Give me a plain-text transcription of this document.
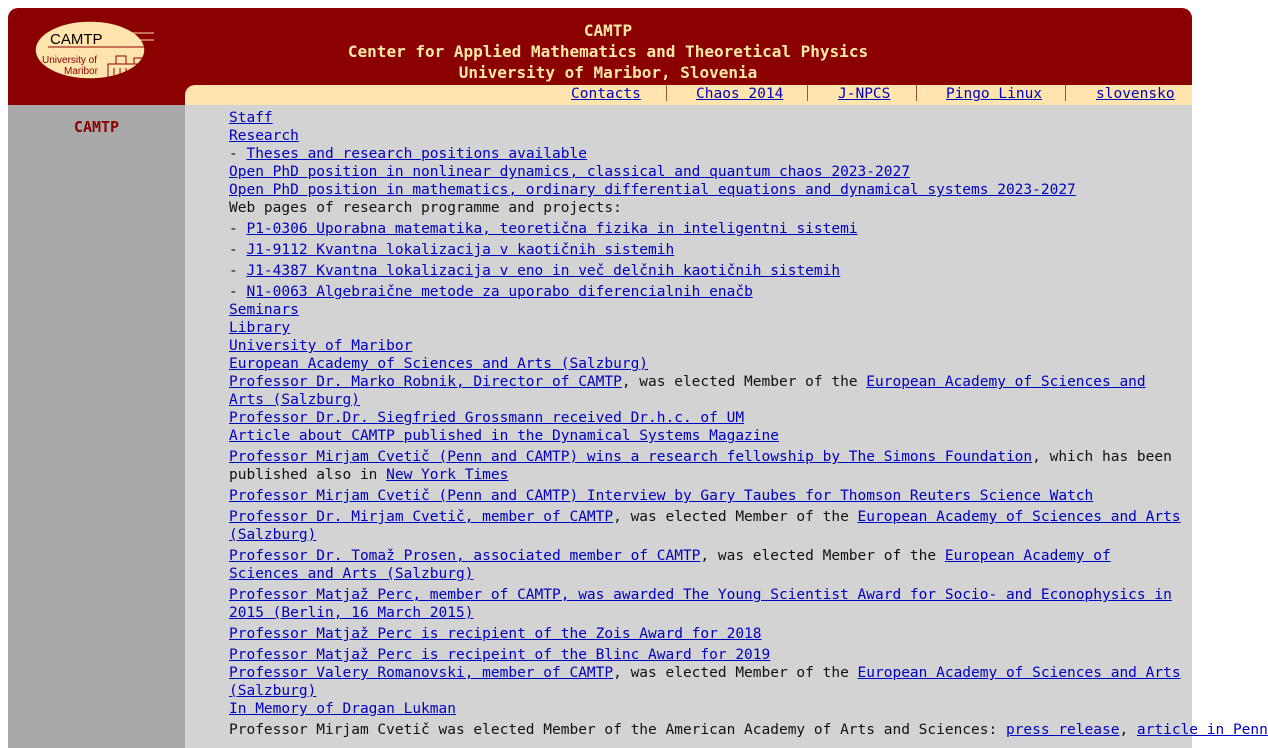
CAMTP
University of
Maribor
CAMTP
Center for Applied Mathematics and Theoretical Physics
University of Maribor, Slovenia
Contacts	Chaos 2014	J-NPCS	Pingo Linux	slovensko
CAMTP	Staff
Research
- Theses and research positions available
Open PhD position in nonlinear dynamics, classical and quantum chaos 2023-2027
Open PhD position in mathematics, ordinary differential equations and dynamical systems 2023-2027
Web pages of research programme and projects:
- P1-0306 Uporabna matematika, teoretična fizika in inteligentni sistemi
- J1-9112 Kvantna lokalizacija v kaotičnih sistemih
- J1-4387 Kvantna lokalizacija v eno in več delčnih kaotičnih sistemih
- N1-0063 Algebraične metode za uporabo diferencialnih enačb
Seminars
Library
University of Maribor
European Academy of Sciences and Arts (Salzburg)
Professor Dr. Marko Robnik, Director of CAMTP, was elected Member of the European Academy of Sciences and Arts (Salzburg)
Professor Dr.Dr. Siegfried Grossmann received Dr.h.c. of UM
Article about CAMTP published in the Dynamical Systems Magazine
Professor Mirjam Cvetič (Penn and CAMTP) wins a research fellowship by The Simons Foundation, which has been published also in New York Times
Professor Mirjam Cvetič (Penn and CAMTP) Interview by Gary Taubes for Thomson Reuters Science Watch
Professor Dr. Mirjam Cvetič, member of CAMTP, was elected Member of the European Academy of Sciences and Arts (Salzburg)
Professor Dr. Tomaž Prosen, associated member of CAMTP, was elected Member of the European Academy of Sciences and Arts (Salzburg)
Professor Matjaž Perc, member of CAMTP, was awarded The Young Scientist Award for Socio- and Econophysics in 2015 (Berlin, 16 March 2015)
Professor Matjaž Perc is recipient of the Zois Award for 2018
Professor Matjaž Perc is recipeint of the Blinc Award for 2019
Professor Valery Romanovski, member of CAMTP, was elected Member of the European Academy of Sciences and Arts (Salzburg)
In Memory of Dragan Lukman
Professor Mirjam Cvetič was elected Member of the American Academy of Arts and Sciences: press release, article in Penn
